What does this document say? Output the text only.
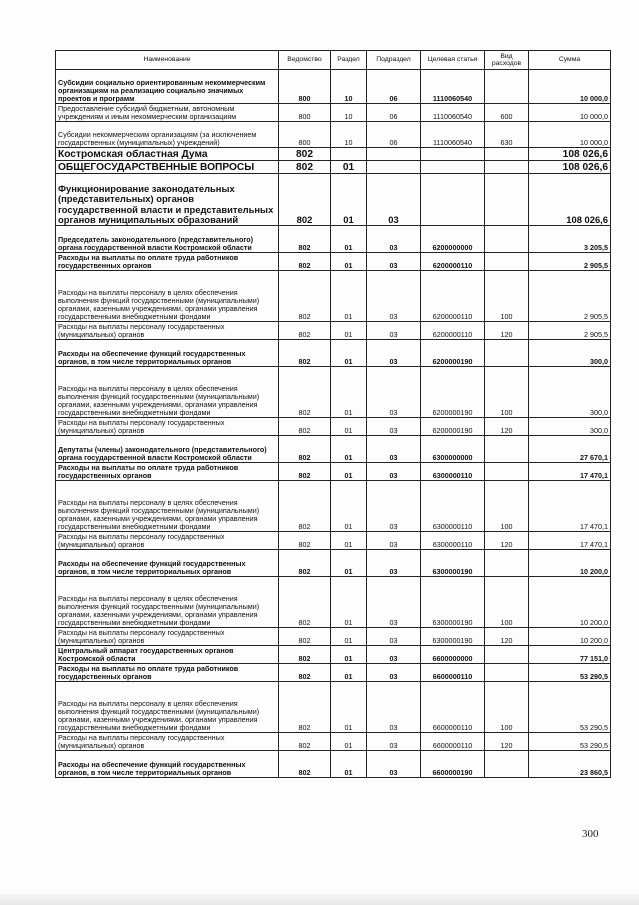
Наименование	Ведомство	Раздел	Подраздел	Целевая статья	Вид расходов	Сумма
Субсидии социально ориентированным некоммерческим организациям на реализацию социально значимых проектов и программ	800	10	06	1110060540		10 000,0
Предоставление субсидий бюджетным, автономным учреждениям и иным некоммерческим организациям	800	10	06	1110060540	600	10 000,0
Субсидии некоммерческим организациям (за исключением государственных (муниципальных) учреждений)	800	10	06	1110060540	630	10 000,0
Костромская областная Дума	802					108 026,6
ОБЩЕГОСУДАРСТВЕННЫЕ ВОПРОСЫ	802	01				108 026,6
Функционирование законодательных (представительных) органов государственной власти и представительных органов муниципальных образований	802	01	03			108 026,6
Председатель законодательного (представительного) органа государственной власти Костромской области	802	01	03	6200000000		3 205,5
Расходы на выплаты по оплате труда работников государственных органов	802	01	03	6200000110		2 905,5
Расходы на выплаты персоналу в целях обеспечения выполнения функций государственными (муниципальными) органами, казенными учреждениями, органами управления государственными внебюджетными фондами	802	01	03	6200000110	100	2 905,5
Расходы на выплаты персоналу государственных (муниципальных) органов	802	01	03	6200000110	120	2 905,5
Расходы на обеспечение функций государственных органов, в том числе территориальных органов	802	01	03	6200000190		300,0
Расходы на выплаты персоналу в целях обеспечения выполнения функций государственными (муниципальными) органами, казенными учреждениями, органами управления государственными внебюджетными фондами	802	01	03	6200000190	100	300,0
Расходы на выплаты персоналу государственных (муниципальных) органов	802	01	03	6200000190	120	300,0
Депутаты (члены) законодательного (представительного) органа государственной власти Костромской области	802	01	03	6300000000		27 670,1
Расходы на выплаты по оплате труда работников государственных органов	802	01	03	6300000110		17 470,1
Расходы на выплаты персоналу в целях обеспечения выполнения функций государственными (муниципальными) органами, казенными учреждениями, органами управления государственными внебюджетными фондами	802	01	03	6300000110	100	17 470,1
Расходы на выплаты персоналу государственных (муниципальных) органов	802	01	03	6300000110	120	17 470,1
Расходы на обеспечение функций государственных органов, в том числе территориальных органов	802	01	03	6300000190		10 200,0
Расходы на выплаты персоналу в целях обеспечения выполнения функций государственными (муниципальными) органами, казенными учреждениями, органами управления государственными внебюджетными фондами	802	01	03	6300000190	100	10 200,0
Расходы на выплаты персоналу государственных (муниципальных) органов	802	01	03	6300000190	120	10 200,0
Центральный аппарат государственных органов Костромской области	802	01	03	6600000000		77 151,0
Расходы на выплаты по оплате труда работников государственных органов	802	01	03	6600000110		53 290,5
Расходы на выплаты персоналу в целях обеспечения выполнения функций государственными (муниципальными) органами, казенными учреждениями, органами управления государственными внебюджетными фондами	802	01	03	6600000110	100	53 290,5
Расходы на выплаты персоналу государственных (муниципальных) органов	802	01	03	6600000110	120	53 290,5
Расходы на обеспечение функций государственных органов, в том числе территориальных органов	802	01	03	6600000190		23 860,5
300
